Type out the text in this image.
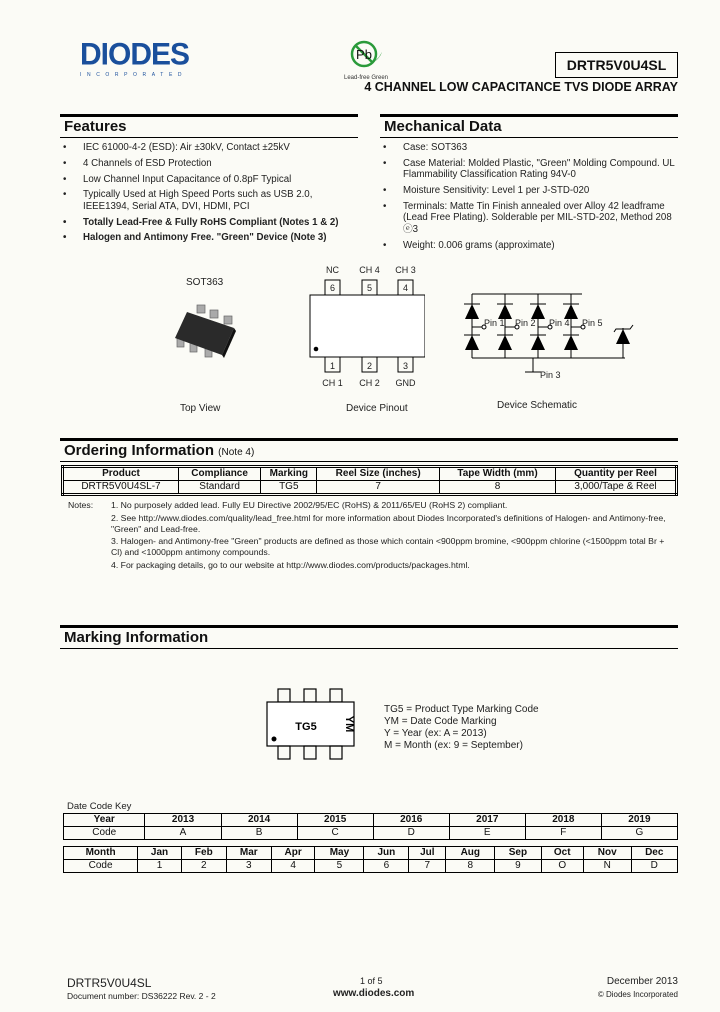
DIODES
INCORPORATED
Pb
Lead-free Green
DRTR5V0U4SL
4 CHANNEL LOW CAPACITANCE TVS DIODE ARRAY
Features
• IEC 61000-4-2 (ESD): Air ±30kV, Contact ±25kV
• 4 Channels of ESD Protection
• Low Channel Input Capacitance of 0.8pF Typical
• Typically Used at High Speed Ports such as USB 2.0, IEEE1394, Serial ATA, DVI, HDMI, PCI
• Totally Lead-Free & Fully RoHS Compliant (Notes 1 & 2)
• Halogen and Antimony Free. "Green" Device (Note 3)
Mechanical Data
• Case: SOT363
• Case Material: Molded Plastic, "Green" Molding Compound. UL Flammability Classification Rating 94V-0
• Moisture Sensitivity: Level 1 per J-STD-020
• Terminals: Matte Tin Finish annealed over Alloy 42 leadframe (Lead Free Plating). Solderable per MIL-STD-202, Method 208 ⓔ3
• Weight: 0.006 grams (approximate)
SOT363
Top View
NC
6
CH 4
5
CH 3
4
1
CH 1
2
CH 2
3
GND
Device Pinout
Pin 1 Pin 2 Pin 4 Pin 5
Pin 3
Device Schematic
Ordering Information (Note 4)
Product	Compliance	Marking	Reel Size (inches)	Tape Width (mm)	Quantity per Reel
DRTR5V0U4SL-7	Standard	TG5	7	8	3,000/Tape & Reel
Notes: 1. No purposely added lead. Fully EU Directive 2002/95/EC (RoHS) & 2011/65/EU (RoHS 2) compliant.
2. See http://www.diodes.com/quality/lead_free.html for more information about Diodes Incorporated's definitions of Halogen- and Antimony-free, "Green" and Lead-free.
3. Halogen- and Antimony-free "Green" products are defined as those which contain <900ppm bromine, <900ppm chlorine (<1500ppm total Br + Cl) and <1000ppm antimony compounds.
4. For packaging details, go to our website at http://www.diodes.com/products/packages.html.
Marking Information
TG5 YM
TG5 = Product Type Marking Code
YM = Date Code Marking
Y = Year (ex: A = 2013)
M = Month (ex: 9 = September)
Date Code Key
Year	2013	2014	2015	2016	2017	2018	2019
Code	A	B	C	D	E	F	G
Month	Jan	Feb	Mar	Apr	May	Jun	Jul	Aug	Sep	Oct	Nov	Dec
Code	1	2	3	4	5	6	7	8	9	O	N	D
DRTR5V0U4SL
Document number: DS36222 Rev. 2 - 2
1 of 5
www.diodes.com
December 2013
© Diodes Incorporated
